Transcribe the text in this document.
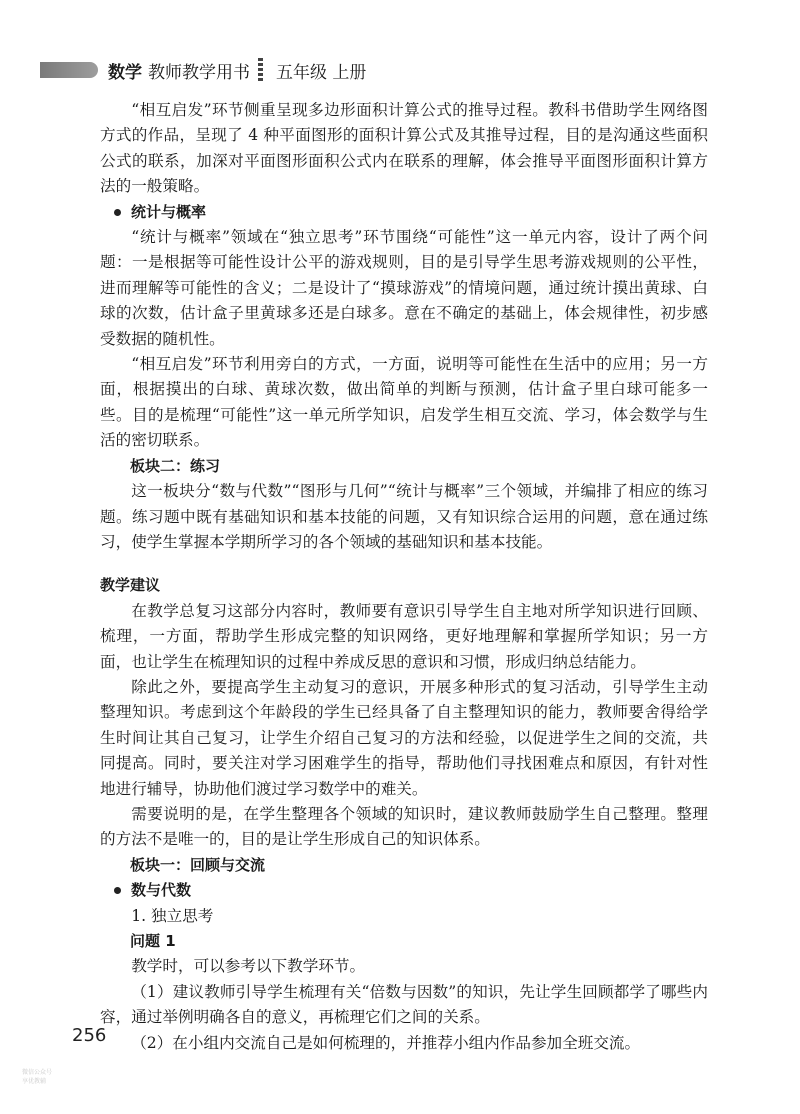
数学 教师教学用书 五年级 上册

“相互启发”环节侧重呈现多边形面积计算公式的推导过程。教科书借助学生网络图方式的作品，呈现了 4 种平面图形的面积计算公式及其推导过程，目的是沟通这些面积公式的联系，加深对平面图形面积公式内在联系的理解，体会推导平面图形面积计算方法的一般策略。

统计与概率

“统计与概率”领域在“独立思考”环节围绕“可能性”这一单元内容，设计了两个问题：一是根据等可能性设计公平的游戏规则，目的是引导学生思考游戏规则的公平性，进而理解等可能性的含义；二是设计了“摸球游戏”的情境问题，通过统计摸出黄球、白球的次数，估计盒子里黄球多还是白球多。意在不确定的基础上，体会规律性，初步感受数据的随机性。

“相互启发”环节利用旁白的方式，一方面，说明等可能性在生活中的应用；另一方面，根据摸出的白球、黄球次数，做出简单的判断与预测，估计盒子里白球可能多一些。目的是梳理“可能性”这一单元所学知识，启发学生相互交流、学习，体会数学与生活的密切联系。

板块二：练习

这一板块分“数与代数”“图形与几何”“统计与概率”三个领域，并编排了相应的练习题。练习题中既有基础知识和基本技能的问题，又有知识综合运用的问题，意在通过练习，使学生掌握本学期所学习的各个领域的基础知识和基本技能。

教学建议

在教学总复习这部分内容时，教师要有意识引导学生自主地对所学知识进行回顾、梳理，一方面，帮助学生形成完整的知识网络，更好地理解和掌握所学知识；另一方面，也让学生在梳理知识的过程中养成反思的意识和习惯，形成归纳总结能力。

除此之外，要提高学生主动复习的意识，开展多种形式的复习活动，引导学生主动整理知识。考虑到这个年龄段的学生已经具备了自主整理知识的能力，教师要舍得给学生时间让其自己复习，让学生介绍自己复习的方法和经验，以促进学生之间的交流，共同提高。同时，要关注对学习困难学生的指导，帮助他们寻找困难点和原因，有针对性地进行辅导，协助他们渡过学习数学中的难关。

需要说明的是，在学生整理各个领域的知识时，建议教师鼓励学生自己整理。整理的方法不是唯一的，目的是让学生形成自己的知识体系。

板块一：回顾与交流
数与代数
1. 独立思考
问题 1

教学时，可以参考以下教学环节。

（1）建议教师引导学生梳理有关“倍数与因数”的知识，先让学生回顾都学了哪些内容，通过举例明确各自的意义，再梳理它们之间的关系。

（2）在小组内交流自己是如何梳理的，并推荐小组内作品参加全班交流。

256
微信公众号
享优教辅
